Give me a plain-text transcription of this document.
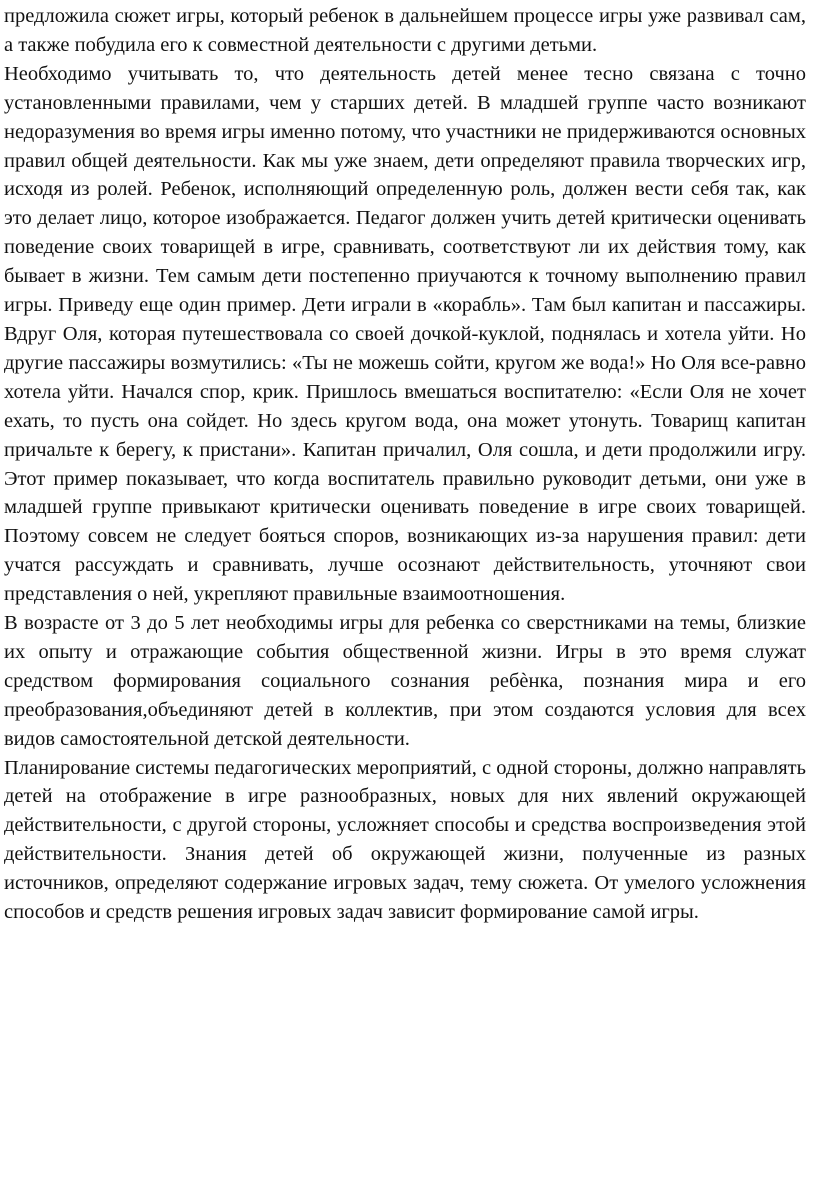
предложила сюжет игры, который ребенок в дальнейшем процессе игры уже развивал сам, а также побудила его к совместной деятельности с другими детьми.

Необходимо учитывать то, что деятельность детей менее тесно связана с точно установленными правилами, чем у старших детей. В младшей группе часто возникают недоразумения во время игры именно потому, что участники не придерживаются основных правил общей деятельности. Как мы уже знаем, дети определяют правила творческих игр, исходя из ролей. Ребенок, исполняющий определенную роль, должен вести себя так, как это делает лицо, которое изображается. Педагог должен учить детей критически оценивать поведение своих товарищей в игре, сравнивать, соответствуют ли их действия тому, как бывает в жизни. Тем самым дети постепенно приучаются к точному выполнению правил игры. Приведу еще один пример. Дети играли в «корабль». Там был капитан и пассажиры. Вдруг Оля, которая путешествовала со своей дочкой-куклой, поднялась и хотела уйти. Но другие пассажиры возмутились: «Ты не можешь сойти, кругом же вода!» Но Оля все-равно хотела уйти. Начался спор, крик. Пришлось вмешаться воспитателю: «Если Оля не хочет ехать, то пусть она сойдет. Но здесь кругом вода, она может утонуть. Товарищ капитан причальте к берегу, к пристани». Капитан причалил, Оля сошла, и дети продолжили игру. Этот пример показывает, что когда воспитатель правильно руководит детьми, они уже в младшей группе привыкают критически оценивать поведение в игре своих товарищей. Поэтому совсем не следует бояться споров, возникающих из-за нарушения правил: дети учатся рассуждать и сравнивать, лучше осознают действительность, уточняют свои представления о ней, укрепляют правильные взаимоотношения.

В возрасте от 3 до 5 лет необходимы игры для ребенка со сверстниками на темы, близкие их опыту и отражающие события общественной жизни. Игры в это время служат средством формирования социального сознания ребѐнка, познания мира и его преобразования,объединяют детей в коллектив, при этом создаются условия для всех видов самостоятельной детской деятельности.

Планирование системы педагогических мероприятий, с одной стороны, должно направлять детей на отображение в игре разнообразных, новых для них явлений окружающей действительности, с другой стороны, усложняет способы и средства воспроизведения этой действительности. Знания детей об окружающей жизни, полученные из разных источников, определяют содержание игровых задач, тему сюжета. От умелого усложнения способов и средств решения игровых задач зависит формирование самой игры.
